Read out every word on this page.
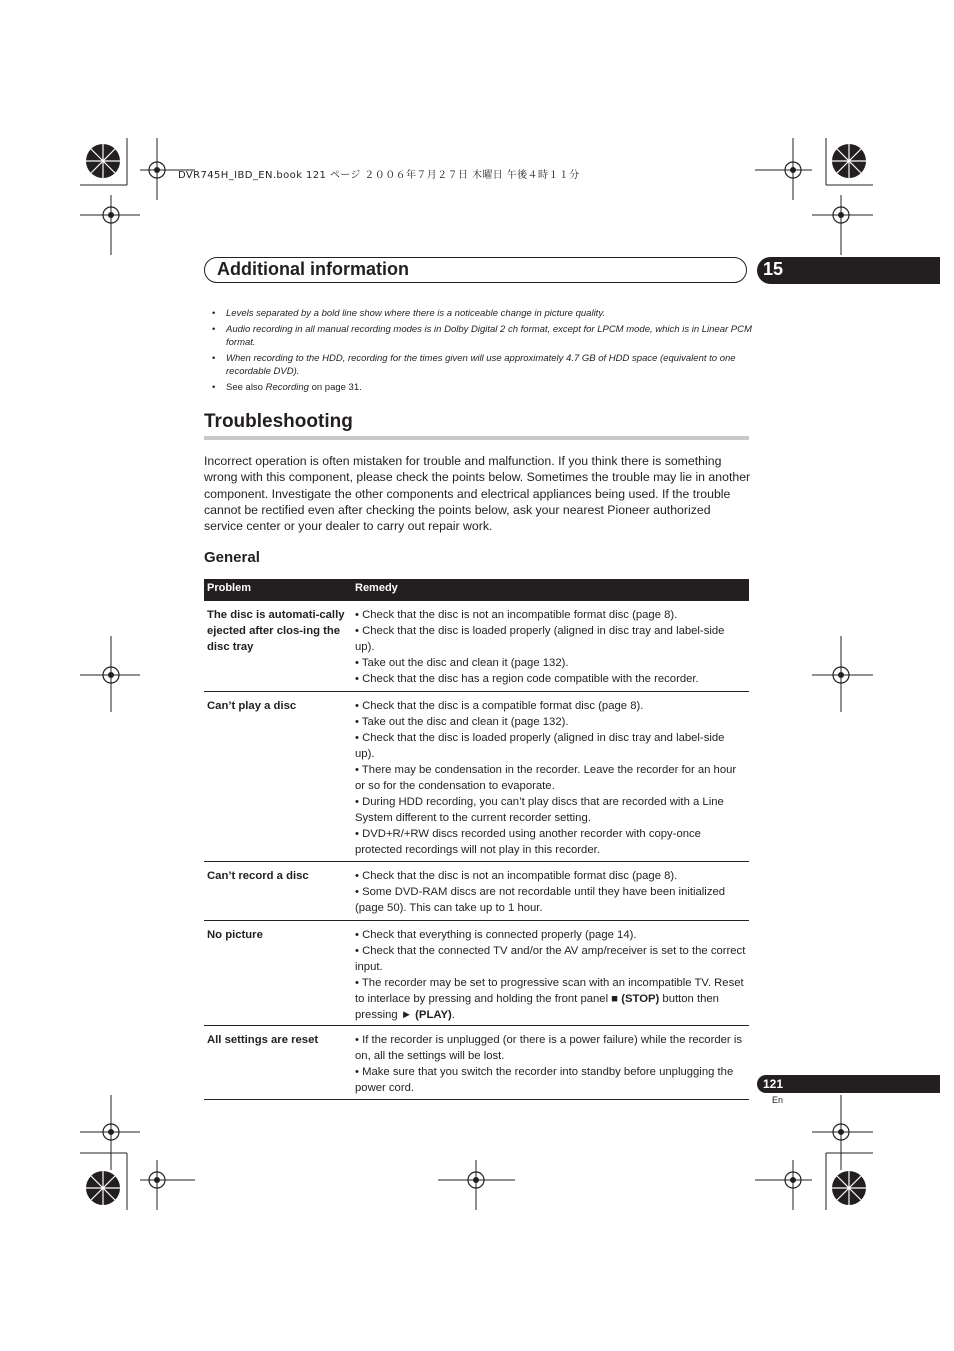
DVR745H_IBD_EN.book 121 ページ ２００６年７月２７日 木曜日 午後４時１１分
Additional information	15
• Levels separated by a bold line show where there is a noticeable change in picture quality.
• Audio recording in all manual recording modes is in Dolby Digital 2 ch format, except for LPCM mode, which is in Linear PCM format.
• When recording to the HDD, recording for the times given will use approximately 4.7 GB of HDD space (equivalent to one recordable DVD).
• See also Recording on page 31.
Troubleshooting
Incorrect operation is often mistaken for trouble and malfunction. If you think there is something wrong with this component, please check the points below. Sometimes the trouble may lie in another component. Investigate the other components and electrical appliances being used. If the trouble cannot be rectified even after checking the points below, ask your nearest Pioneer authorized service center or your dealer to carry out repair work.
General
Problem	Remedy
The disc is automati-cally ejected after clos-ing the disc tray
• Check that the disc is not an incompatible format disc (page 8).
• Check that the disc is loaded properly (aligned in disc tray and label-side up).
• Take out the disc and clean it (page 132).
• Check that the disc has a region code compatible with the recorder.
Can’t play a disc	• Check that the disc is a compatible format disc (page 8).
• Take out the disc and clean it (page 132).
• Check that the disc is loaded properly (aligned in disc tray and label-side up).
• There may be condensation in the recorder. Leave the recorder for an hour or so for the condensation to evaporate.
• During HDD recording, you can’t play discs that are recorded with a Line System different to the current recorder setting.
• DVD+R/+RW discs recorded using another recorder with copy-once protected recordings will not play in this recorder.
Can’t record a disc	• Check that the disc is not an incompatible format disc (page 8).
• Some DVD-RAM discs are not recordable until they have been initialized (page 50). This can take up to 1 hour.
No picture	• Check that everything is connected properly (page 14).
• Check that the connected TV and/or the AV amp/receiver is set to the correct input.
• The recorder may be set to progressive scan with an incompatible TV. Reset to interlace by pressing and holding the front panel ■ (STOP) button then pressing ► (PLAY).
All settings are reset	• If the recorder is unplugged (or there is a power failure) while the recorder is on, all the settings will be lost.
• Make sure that you switch the recorder into standby before unplugging the power cord.	121
En
